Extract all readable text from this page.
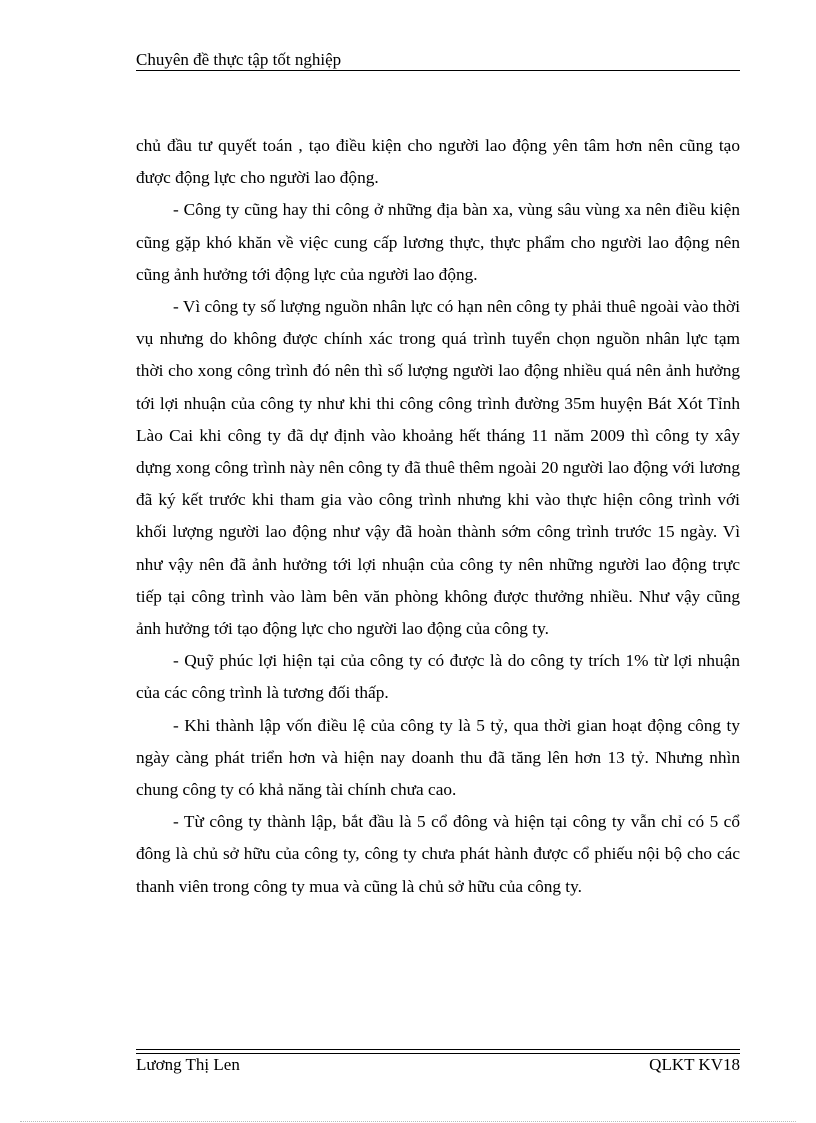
Chuyên đề thực tập tốt nghiệp

chủ đầu tư quyết toán , tạo điều kiện cho người lao động yên tâm hơn nên cũng tạo được động lực cho người lao động.

- Công ty cũng hay thi công ở những địa bàn xa, vùng sâu vùng xa nên điều kiện cũng gặp khó khăn về việc cung cấp lương thực, thực phẩm cho người lao động nên cũng ảnh hưởng tới động lực của người lao động.

- Vì công ty số lượng nguồn nhân lực có hạn nên công ty phải thuê ngoài vào thời vụ nhưng do không được chính xác trong quá trình tuyển chọn nguồn nhân lực tạm thời cho xong công trình đó nên thì số lượng người lao động nhiều quá nên ảnh hưởng tới lợi nhuận của công ty như khi thi công công trình đường 35m huyện Bát Xót Tỉnh Lào Cai khi công ty đã dự định vào khoảng hết tháng 11 năm 2009 thì công ty xây dựng xong công trình này nên công ty đã thuê thêm ngoài 20 người lao động với lương đã ký kết trước khi tham gia vào công trình nhưng khi vào thực hiện công trình với khối lượng người lao động như vậy đã hoàn thành sớm công trình trước 15 ngày. Vì như vậy nên đã ảnh hưởng tới lợi nhuận của công ty nên những người lao động trực tiếp tại công trình vào làm bên văn phòng không được thưởng nhiều. Như vậy cũng ảnh hưởng tới tạo động lực cho người lao động của công ty.

- Quỹ phúc lợi hiện tại của công ty có được là do công ty trích 1% từ lợi nhuận của các công trình là tương đối thấp.

- Khi thành lập vốn điều lệ của công ty là 5 tỷ, qua thời gian hoạt động công ty ngày càng phát triển hơn và hiện nay doanh thu đã tăng lên hơn 13 tỷ. Nhưng nhìn chung công ty có khả năng tài chính chưa cao.

- Từ công ty thành lập, bắt đầu là 5 cổ đông và hiện tại công ty vẫn chỉ có 5 cổ đông là chủ sở hữu của công ty, công ty chưa phát hành được cổ phiếu nội bộ cho các thanh viên trong công ty mua và cũng là chủ sở hữu của công ty.

Lương Thị Len	QLKT KV18
